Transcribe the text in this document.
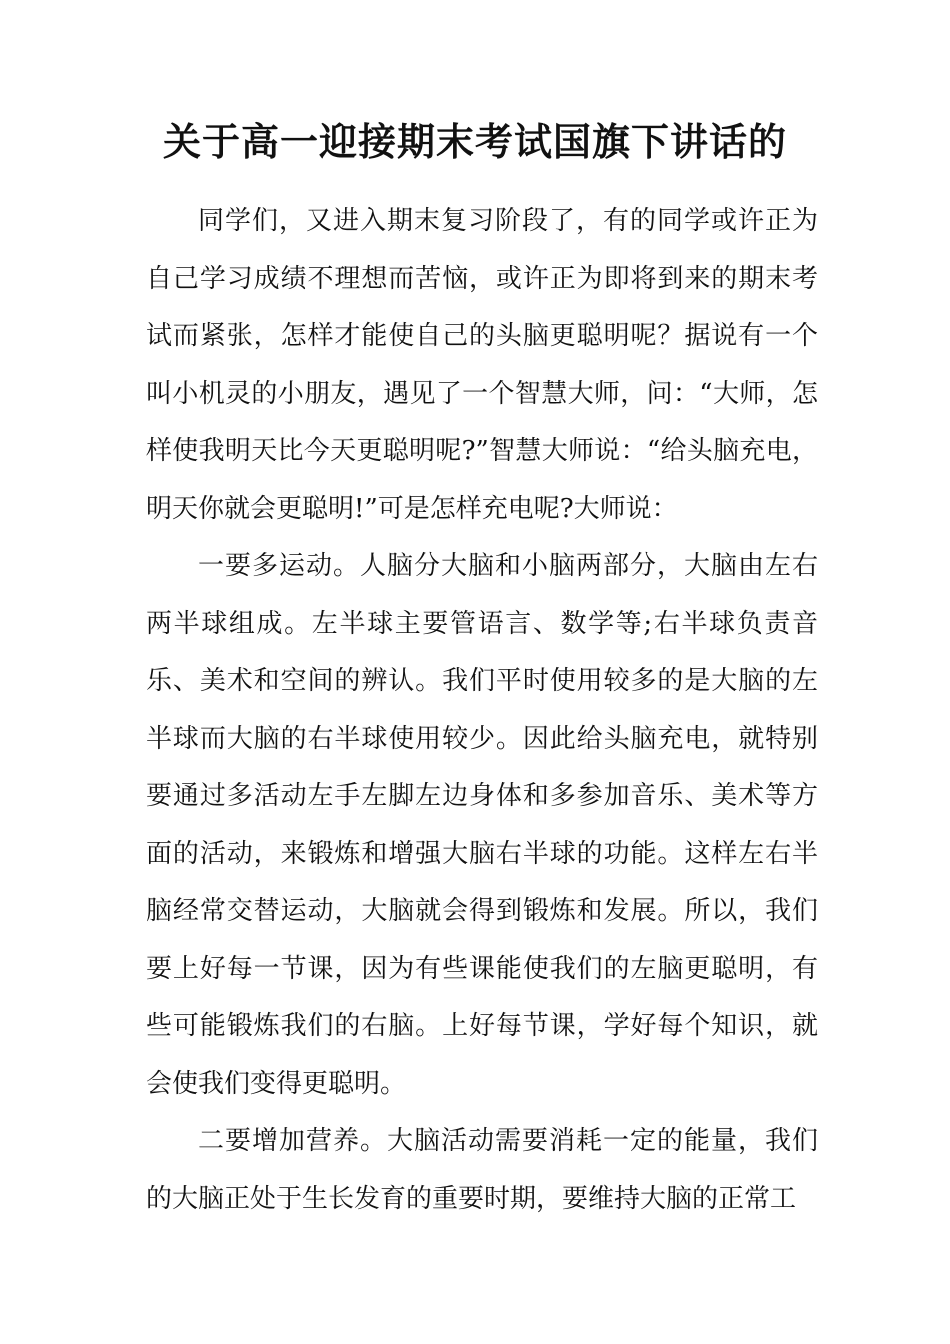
关于高一迎接期末考试国旗下讲话的

同学们，又进入期末复习阶段了，有的同学或许正为自己学习成绩不理想而苦恼，或许正为即将到来的期末考试而紧张，怎样才能使自己的头脑更聪明呢？据说有一个叫小机灵的小朋友，遇见了一个智慧大师，问：“大师，怎样使我明天比今天更聪明呢?”智慧大师说：“给头脑充电，明天你就会更聪明!”可是怎样充电呢?大师说：

一要多运动。人脑分大脑和小脑两部分，大脑由左右两半球组成。左半球主要管语言、数学等;右半球负责音乐、美术和空间的辨认。我们平时使用较多的是大脑的左半球而大脑的右半球使用较少。因此给头脑充电，就特别要通过多活动左手左脚左边身体和多参加音乐、美术等方面的活动，来锻炼和增强大脑右半球的功能。这样左右半脑经常交替运动，大脑就会得到锻炼和发展。所以，我们要上好每一节课，因为有些课能使我们的左脑更聪明，有些可能锻炼我们的右脑。上好每节课，学好每个知识，就会使我们变得更聪明。

二要增加营养。大脑活动需要消耗一定的能量，我们的大脑正处于生长发育的重要时期，要维持大脑的正常工
